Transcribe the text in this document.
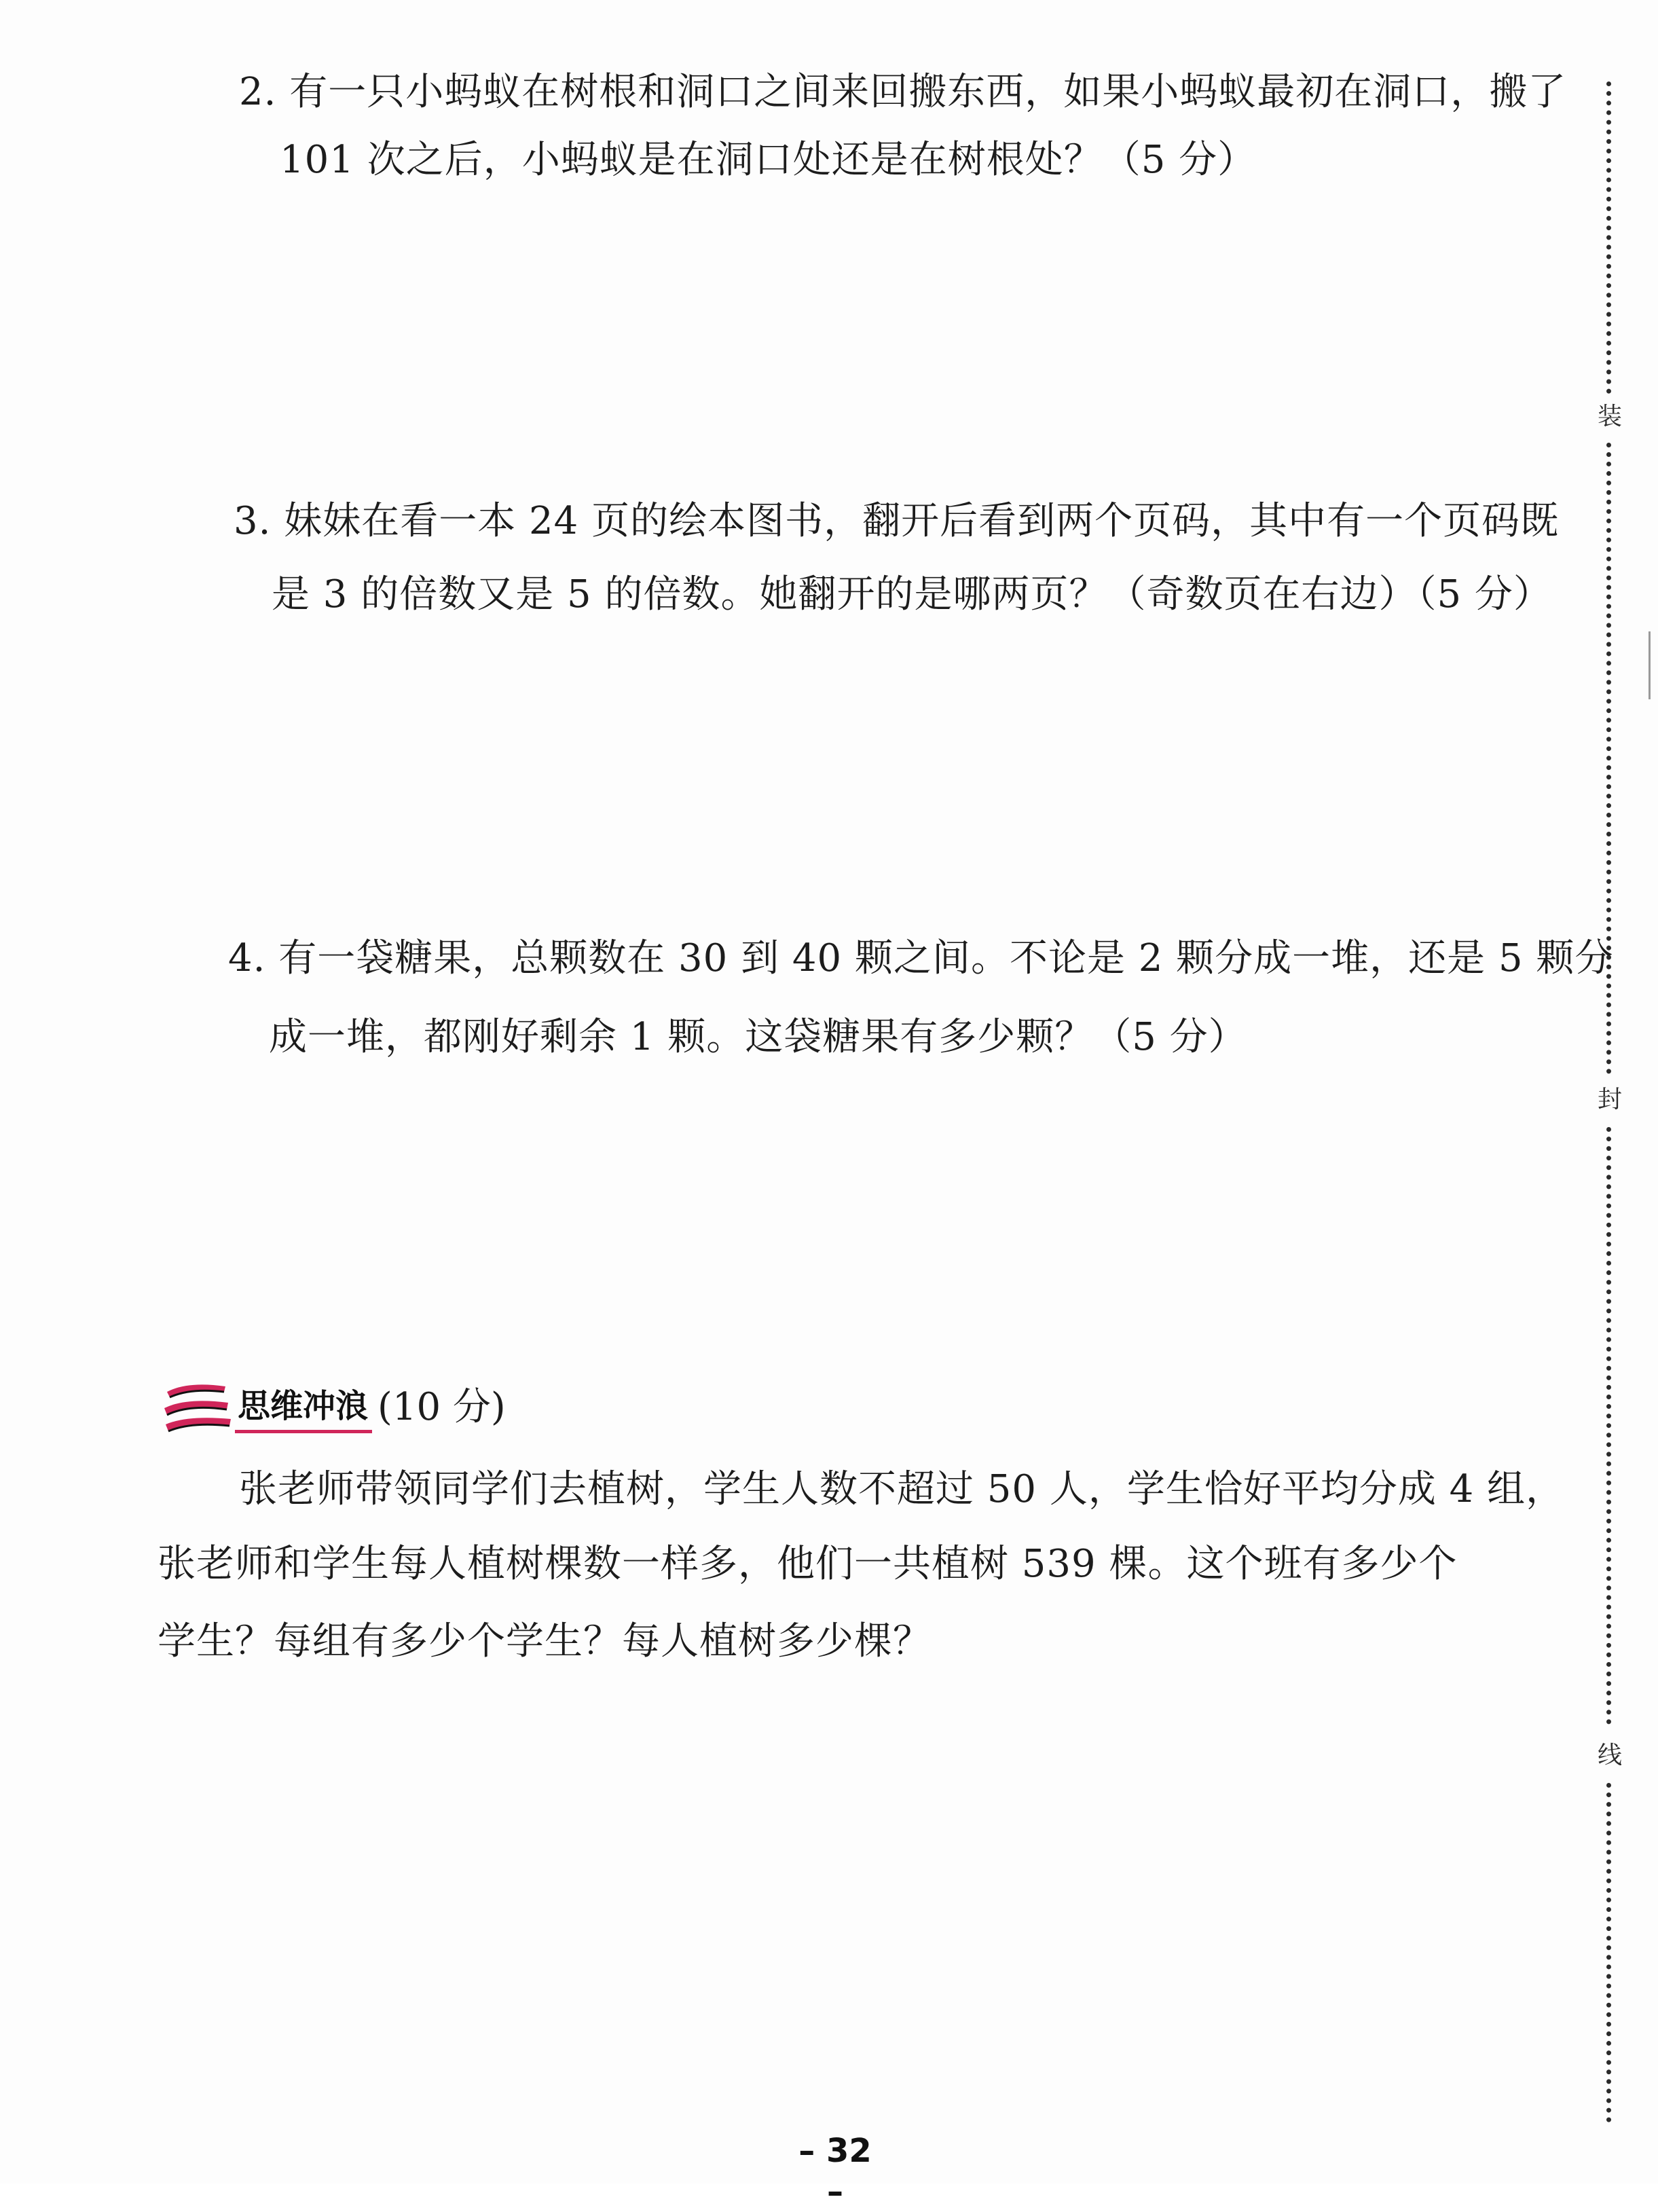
2. 有一只小蚂蚁在树根和洞口之间来回搬东西，如果小蚂蚁最初在洞口，搬了
101 次之后，小蚂蚁是在洞口处还是在树根处？（5 分）
3. 妹妹在看一本 24 页的绘本图书，翻开后看到两个页码，其中有一个页码既
是 3 的倍数又是 5 的倍数。她翻开的是哪两页？（奇数页在右边）（5 分）
4. 有一袋糖果，总颗数在 30 到 40 颗之间。不论是 2 颗分成一堆，还是 5 颗分
成一堆，都刚好剩余 1 颗。这袋糖果有多少颗？（5 分）
思维冲浪 (10 分)
张老师带领同学们去植树，学生人数不超过 50 人，学生恰好平均分成 4 组，
张老师和学生每人植树棵数一样多，他们一共植树 539 棵。这个班有多少个
学生？每组有多少个学生？每人植树多少棵？
装
封
线
– 32 –
